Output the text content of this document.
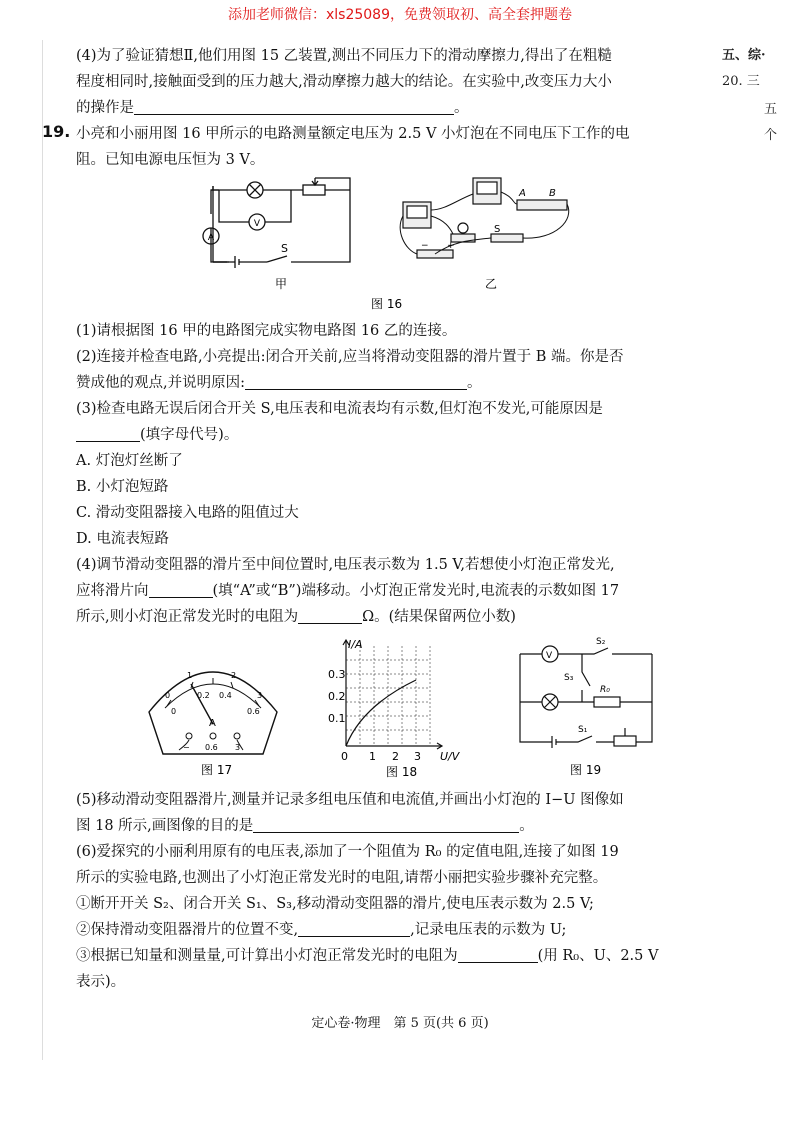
添加老师微信：xls25089，免费领取初、高全套押题卷
五、综·
20. 三
五
个
(4)为了验证猜想Ⅱ,他们用图 15 乙装置,测出不同压力下的滑动摩擦力,得出了在粗糙
程度相同时,接触面受到的压力越大,滑动摩擦力越大的结论。在实验中,改变压力大小
的操作是	。
19. 小亮和小丽用图 16 甲所示的电路测量额定电压为 2.5 V 小灯泡在不同电压下工作的电
阻。已知电源电压恒为 3 V。
A
V
S
甲
A B
S
− +
乙
图 16
(1)请根据图 16 甲的电路图完成实物电路图 16 乙的连接。
(2)连接并检查电路,小亮提出:闭合开关前,应当将滑动变阻器的滑片置于 B 端。你是否
赞成他的观点,并说明原因:	。
(3)检查电路无误后闭合开关 S,电压表和电流表均有示数,但灯泡不发光,可能原因是
(填字母代号)。
A. 灯泡灯丝断了
B. 小灯泡短路
C. 滑动变阻器接入电路的阻值过大
D. 电流表短路
(4)调节滑动变阻器的滑片至中间位置时,电压表示数为 1.5 V,若想使小灯泡正常发光,
应将滑片向	(填“A”或“B”)端移动。小灯泡正常发光时,电流表的示数如图 17
所示,则小灯泡正常发光时的电阻为	Ω。(结果保留两位小数)
0
1	2
3
0
0.2 0.4
0.6
A
− 0.6 3
图 17
I/A
0.3
0.2
0.1
0 1 2 3 U/V
图 18
V
S₂
S₃
R₀
S₁
图 19
(5)移动滑动变阻器滑片,测量并记录多组电压值和电流值,并画出小灯泡的 I−U 图像如
图 18 所示,画图像的目的是	。
(6)爱探究的小丽利用原有的电压表,添加了一个阻值为 R₀ 的定值电阻,连接了如图 19
所示的实验电路,也测出了小灯泡正常发光时的电阻,请帮小丽把实验步骤补充完整。
①断开开关 S₂、闭合开关 S₁、S₃,移动滑动变阻器的滑片,使电压表示数为 2.5 V;
②保持滑动变阻器滑片的位置不变,	,记录电压表的示数为 U;
③根据已知量和测量量,可计算出小灯泡正常发光时的电阻为	(用 R₀、U、2.5 V
表示)。
定心卷·物理　第 5 页(共 6 页)
